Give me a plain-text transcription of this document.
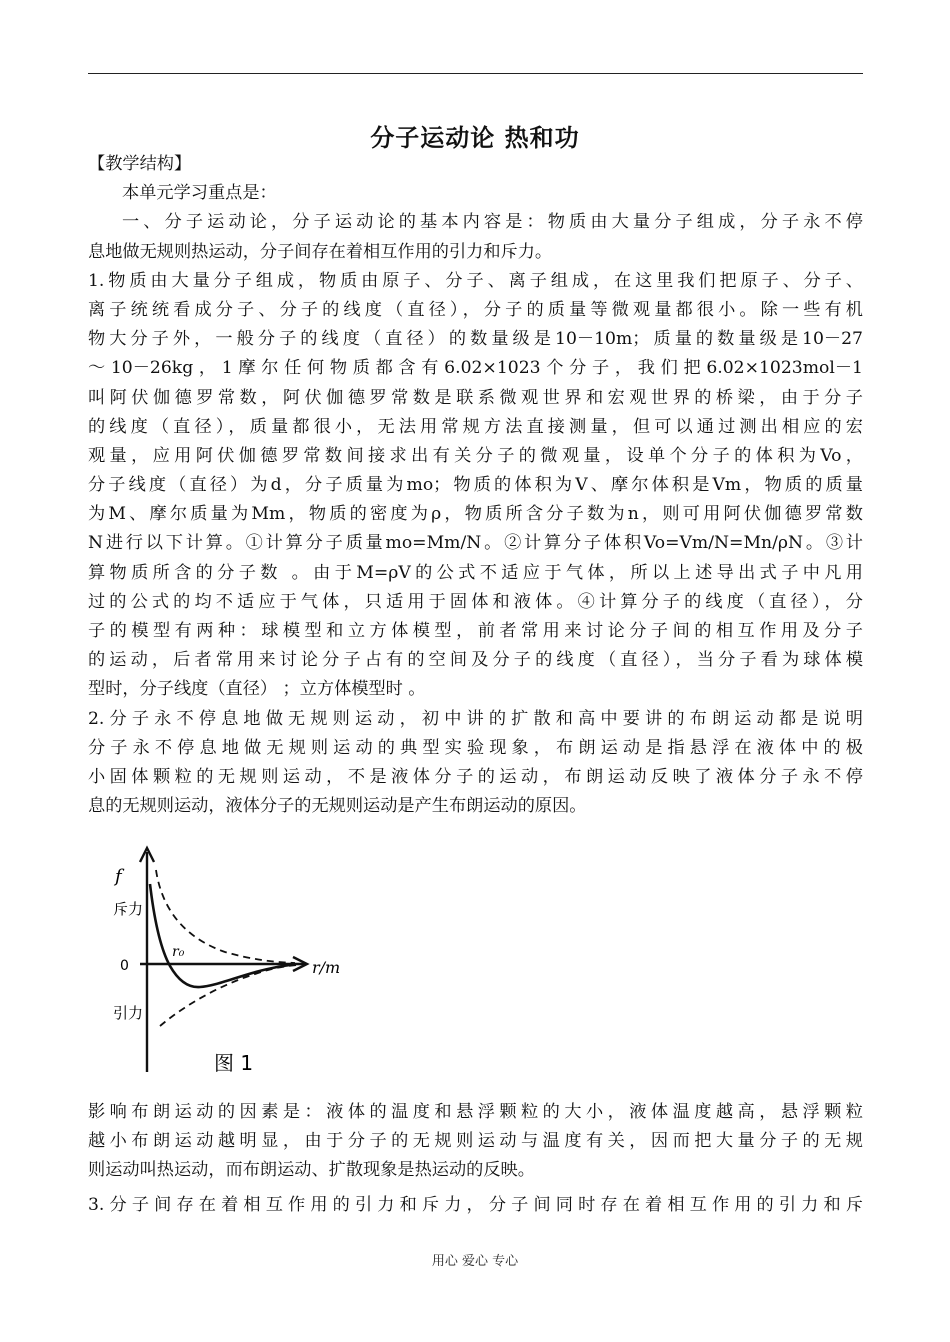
分子运动论 热和功
【教学结构】
本单元学习重点是：
一、分子运动论，分子运动论的基本内容是：物质由大量分子组成，分子永不停
息地做无规则热运动，分子间存在着相互作用的引力和斥力。
1.物质由大量分子组成，物质由原子、分子、离子组成，在这里我们把原子、分子、
离子统统看成分子、分子的线度（直径），分子的质量等微观量都很小。除一些有机
物大分子外，一般分子的线度（直径）的数量级是10－10m；质量的数量级是10－27
～10－26kg，1摩尔任何物质都含有6.02×1023个分子，我们把6.02×1023mol－1
叫阿伏伽德罗常数，阿伏伽德罗常数是联系微观世界和宏观世界的桥梁，由于分子
的线度（直径），质量都很小，无法用常规方法直接测量，但可以通过测出相应的宏
观量，应用阿伏伽德罗常数间接求出有关分子的微观量，设单个分子的体积为Vo，
分子线度（直径）为d，分子质量为mo；物质的体积为V、摩尔体积是Vm，物质的质量
为M、摩尔质量为Mm，物质的密度为ρ，物质所含分子数为n，则可用阿伏伽德罗常数
N进行以下计算。①计算分子质量mo=Mm/N。②计算分子体积Vo=Vm/N=Mn/ρN。③计
算物质所含的分子数 。由于M=ρV的公式不适应于气体，所以上述导出式子中凡用
过的公式的均不适应于气体，只适用于固体和液体。④计算分子的线度（直径），分
子的模型有两种：球模型和立方体模型，前者常用来讨论分子间的相互作用及分子
的运动，后者常用来讨论分子占有的空间及分子的线度（直径），当分子看为球体模
型时，分子线度（直径） ；立方体模型时 。
2.分子永不停息地做无规则运动，初中讲的扩散和高中要讲的布朗运动都是说明
分子永不停息地做无规则运动的典型实验现象，布朗运动是指悬浮在液体中的极
小固体颗粒的无规则运动，不是液体分子的运动，布朗运动反映了液体分子永不停
息的无规则运动，液体分子的无规则运动是产生布朗运动的原因。
f
斥力
0
r₀
r/m
引力
图 1
影响布朗运动的因素是：液体的温度和悬浮颗粒的大小，液体温度越高，悬浮颗粒
越小布朗运动越明显，由于分子的无规则运动与温度有关，因而把大量分子的无规
则运动叫热运动，而布朗运动、扩散现象是热运动的反映。
3.分子间存在着相互作用的引力和斥力，分子间同时存在着相互作用的引力和斥
用心 爱心 专心
